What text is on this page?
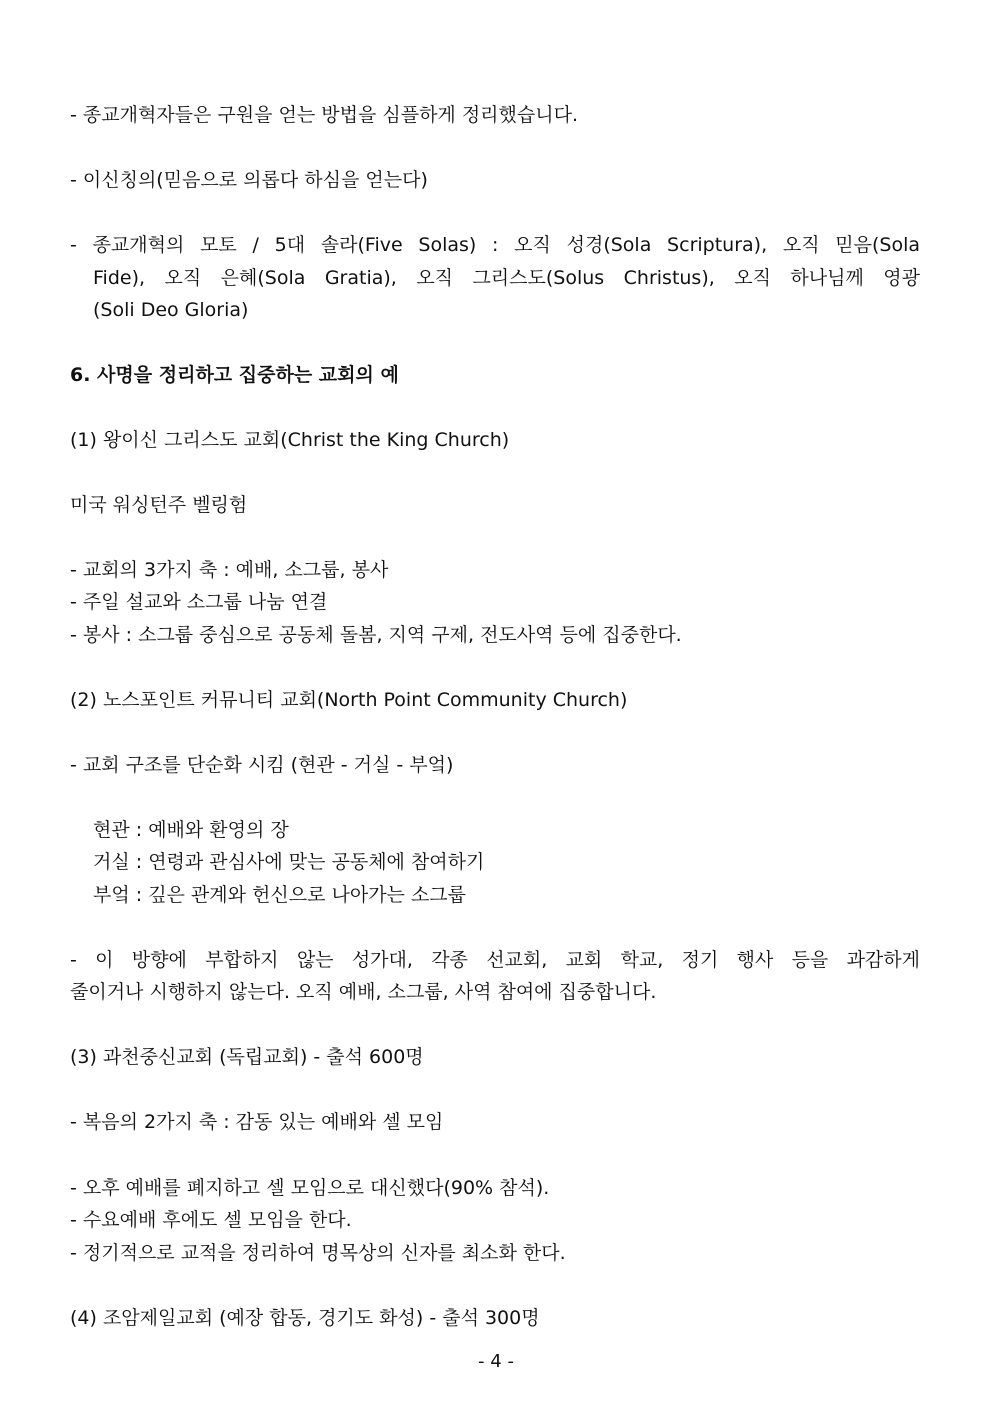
- 종교개혁자들은 구원을 얻는 방법을 심플하게 정리했습니다.
- 이신칭의(믿음으로 의롭다 하심을 얻는다)
- 종교개혁의 모토 / 5대 솔라(Five Solas) : 오직 성경(Sola Scriptura), 오직 믿음(Sola
Fide), 오직 은혜(Sola Gratia), 오직 그리스도(Solus Christus), 오직 하나님께 영광
(Soli Deo Gloria)
6. 사명을 정리하고 집중하는 교회의 예
(1) 왕이신 그리스도 교회(Christ the King Church)
미국 워싱턴주 벨링험
- 교회의 3가지 축 : 예배, 소그룹, 봉사
- 주일 설교와 소그룹 나눔 연결
- 봉사 : 소그룹 중심으로 공동체 돌봄, 지역 구제, 전도사역 등에 집중한다.
(2) 노스포인트 커뮤니티 교회(North Point Community Church)
- 교회 구조를 단순화 시킴 (현관 - 거실 - 부엌)
현관 : 예배와 환영의 장
거실 : 연령과 관심사에 맞는 공동체에 참여하기
부엌 : 깊은 관계와 헌신으로 나아가는 소그룹
- 이 방향에 부합하지 않는 성가대, 각종 선교회, 교회 학교, 정기 행사 등을 과감하게
줄이거나 시행하지 않는다. 오직 예배, 소그룹, 사역 참여에 집중합니다.
(3) 과천중신교회 (독립교회) - 출석 600명
- 복음의 2가지 축 : 감동 있는 예배와 셀 모임
- 오후 예배를 폐지하고 셀 모임으로 대신했다(90% 참석).
- 수요예배 후에도 셀 모임을 한다.
- 정기적으로 교적을 정리하여 명목상의 신자를 최소화 한다.
(4) 조암제일교회 (예장 합동, 경기도 화성) - 출석 300명
- 4 -
